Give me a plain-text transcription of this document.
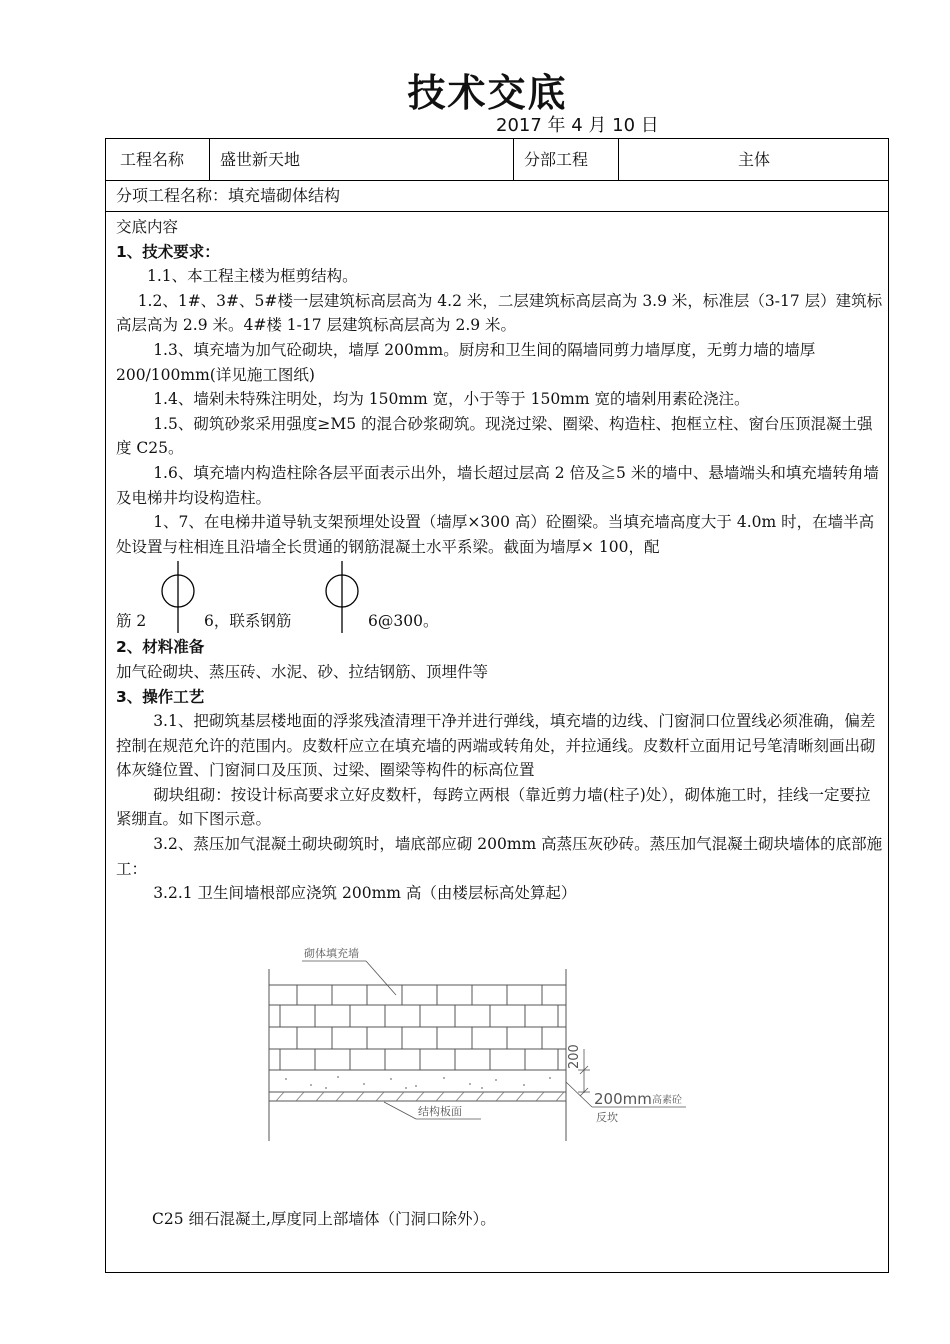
技术交底
2017 年 4 月 10 日
工程名称 盛世新天地	分部工程	主体
分项工程名称：填充墙砌体结构

交底内容

1、技术要求：

1.1、本工程主楼为框剪结构。

1.2、1#、3#、5#楼一层建筑标高层高为 4.2 米，二层建筑标高层高为 3.9 米，标准层（3-17 层）建筑标高层高为 2.9 米。4#楼 1-17 层建筑标高层高为 2.9 米。

1.3、填充墙为加气砼砌块，墙厚 200mm。厨房和卫生间的隔墙同剪力墙厚度，无剪力墙的墙厚 200/100mm(详见施工图纸)

1.4、墙剁未特殊注明处，均为 150mm 宽，小于等于 150mm 宽的墙剁用素砼浇注。

1.5、砌筑砂浆采用强度≥M5 的混合砂浆砌筑。现浇过梁、圈梁、构造柱、抱框立柱、窗台压顶混凝土强度 C25。

1.6、填充墙内构造柱除各层平面表示出外，墙长超过层高 2 倍及≧5 米的墙中、悬墙端头和填充墙转角墙及电梯井均设构造柱。

1、7、在电梯井道导轨支架预埋处设置（墙厚×300 高）砼圈梁。当填充墙高度大于 4.0m 时，在墙半高处设置与柱相连且沿墙全长贯通的钢筋混凝土水平系梁。截面为墙厚× 100，配

筋 2	6，联系钢筋	6@300。

2、材料准备

加气砼砌块、蒸压砖、水泥、砂、拉结钢筋、顶埋件等

3、操作工艺

3.1、把砌筑基层楼地面的浮浆残渣清理干净并进行弹线，填充墙的边线、门窗洞口位置线必须准确，偏差控制在规范允许的范围内。皮数杆应立在填充墙的两端或转角处，并拉通线。皮数杆立面用记号笔清晰刻画出砌体灰缝位置、门窗洞口及压顶、过梁、圈梁等构件的标高位置

砌块组砌：按设计标高要求立好皮数杆，每跨立两根（靠近剪力墙(柱子)处），砌体施工时，挂线一定要拉紧绷直。如下图示意。

3.2、蒸压加气混凝土砌块砌筑时，墙底部应砌 200mm 高蒸压灰砂砖。蒸压加气混凝土砌块墙体的底部施工：

3.2.1 卫生间墙根部应浇筑 200mm 高（由楼层标高处算起）

砌体填充墙
结构板面
200
200mm 高素砼
反坎
C25 细石混凝土,厚度同上部墙体（门洞口除外）。
